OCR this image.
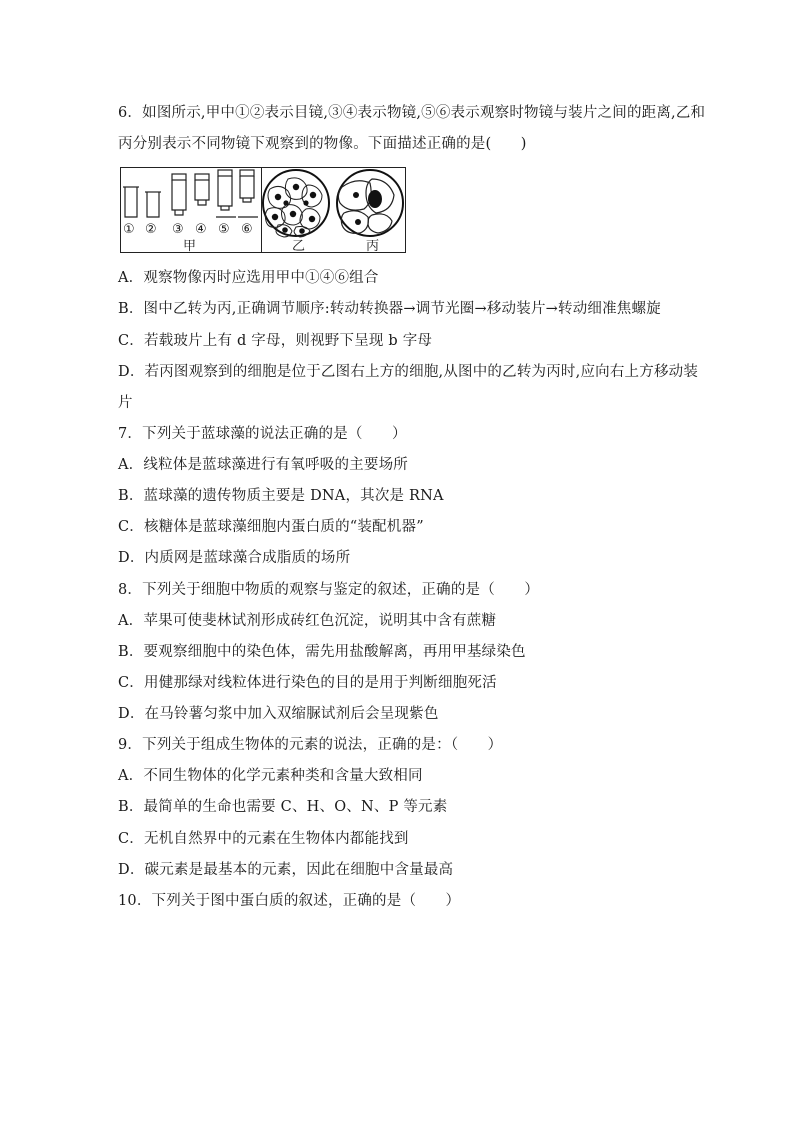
6．如图所示,甲中①②表示目镜,③④表示物镜,⑤⑥表示观察时物镜与装片之间的距离,乙和
丙分别表示不同物镜下观察到的物像。下面描述正确的是(　　)
① ② ③ ④ ⑤ ⑥
甲	乙	丙
A．观察物像丙时应选用甲中①④⑥组合
B．图中乙转为丙,正确调节顺序:转动转换器→调节光圈→移动装片→转动细准焦螺旋
C．若载玻片上有 d 字母，则视野下呈现 b 字母
D．若丙图观察到的细胞是位于乙图右上方的细胞,从图中的乙转为丙时,应向右上方移动装
片
7．下列关于蓝球藻的说法正确的是（　　）
A．线粒体是蓝球藻进行有氧呼吸的主要场所
B．蓝球藻的遗传物质主要是 DNA，其次是 RNA
C．核糖体是蓝球藻细胞内蛋白质的“装配机器”
D．内质网是蓝球藻合成脂质的场所
8．下列关于细胞中物质的观察与鉴定的叙述，正确的是（　　）
A．苹果可使斐林试剂形成砖红色沉淀，说明其中含有蔗糖
B．要观察细胞中的染色体，需先用盐酸解离，再用甲基绿染色
C．用健那绿对线粒体进行染色的目的是用于判断细胞死活
D．在马铃薯匀浆中加入双缩脲试剂后会呈现紫色
9．下列关于组成生物体的元素的说法，正确的是：（　　）
A．不同生物体的化学元素种类和含量大致相同
B．最简单的生命也需要 C、H、O、N、P 等元素
C．无机自然界中的元素在生物体内都能找到
D．碳元素是最基本的元素，因此在细胞中含量最高
10．下列关于图中蛋白质的叙述，正确的是（　　）
